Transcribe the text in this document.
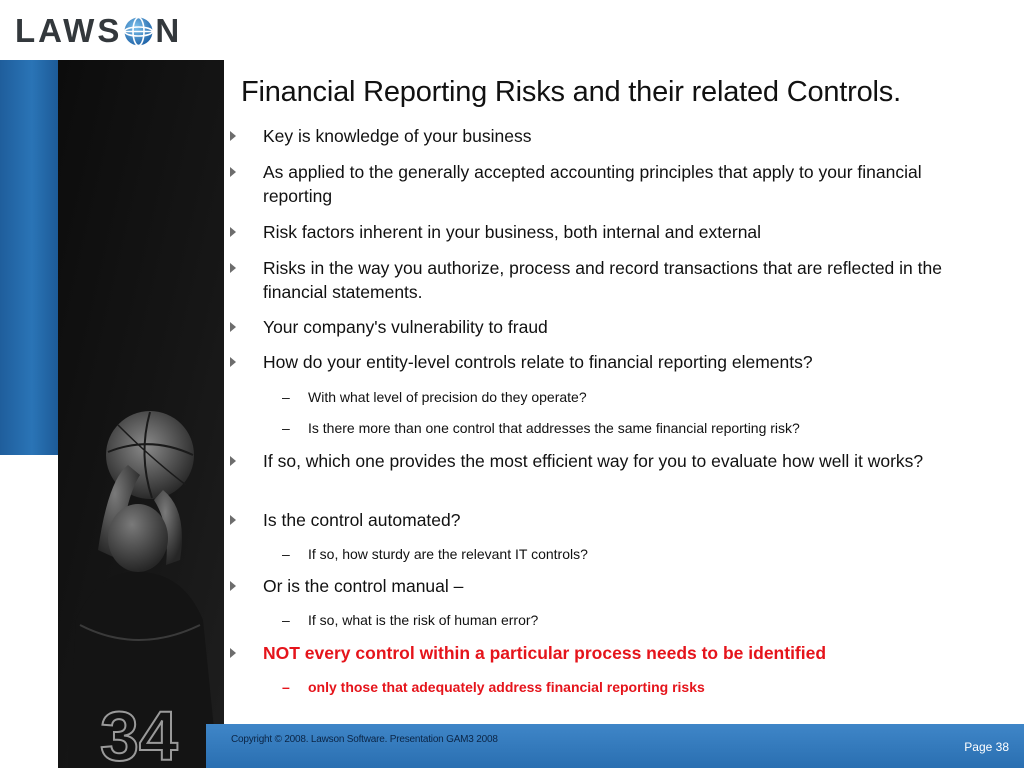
LAWS N
34	Copyright © 2008. Lawson Software. Presentation GAM3 2008
Page 38
Financial Reporting Risks and their related Controls.
Key is knowledge of your business
As applied to the generally accepted accounting principles that apply to your financial reporting
Risk factors inherent in your business, both internal and external
Risks in the way you authorize, process and record transactions that are reflected in the financial statements.
Your company's vulnerability to fraud
How do your entity-level controls relate to financial reporting elements?
– With what level of precision do they operate?
– Is there more than one control that addresses the same financial reporting risk?
If so, which one provides the most efficient way for you to evaluate how well it works?
Is the control automated?
– If so, how sturdy are the relevant IT controls?
Or is the control manual –
– If so, what is the risk of human error?
NOT every control within a particular process needs to be identified
– only those that adequately address financial reporting risks
